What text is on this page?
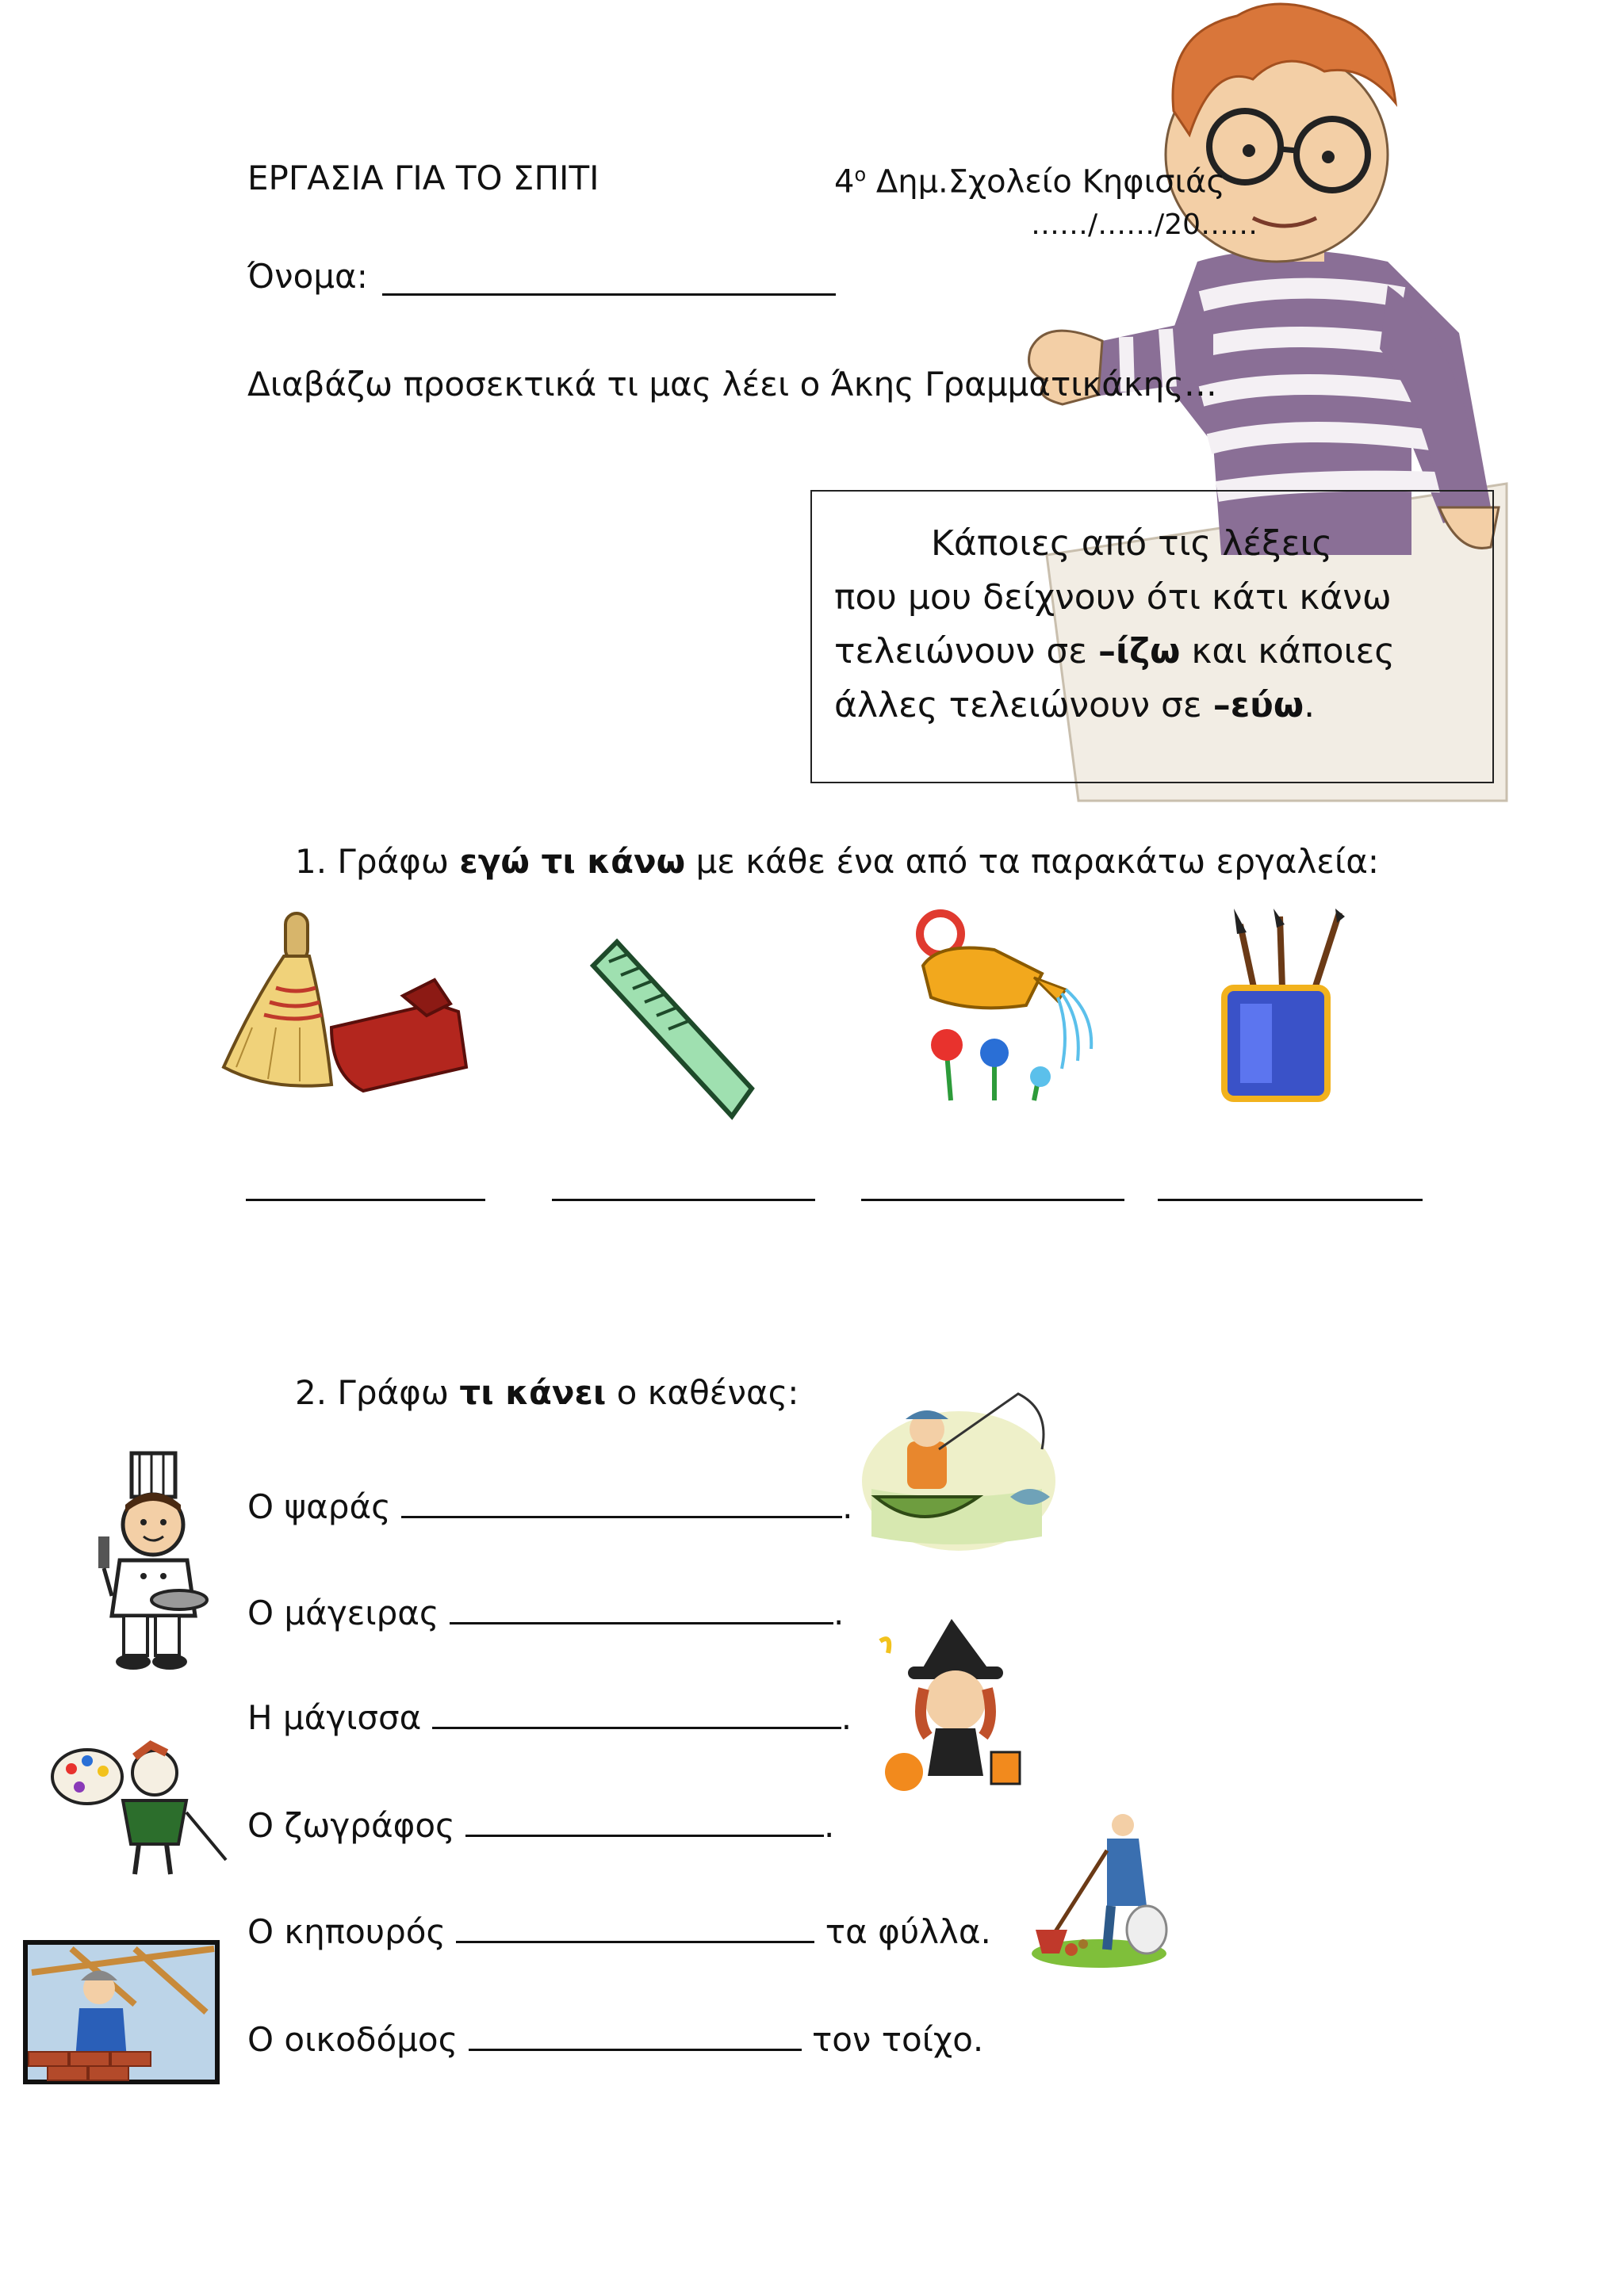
ΕΡΓΑΣΙΑ ΓΙΑ ΤΟ ΣΠΙΤΙ	$4^o$ Δημ.Σχολείο Κηφισιάς
……/……/20……
Όνομα:
Διαβάζω προσεκτικά τι μας λέει ο Άκης Γραμματικάκης…

Κάποιες από τις λέξεις

που μου δείχνουν ότι κάτι κάνω

τελειώνουν σε –ίζω και κάποιες

άλλες τελειώνουν σε –εύω.

1. Γράφω εγώ τι κάνω με κάθε ένα από τα παρακάτω εργαλεία:
2. Γράφω τι κάνει ο καθένας:
Ο ψαράς	.
Ο μάγειρας	.
Η μάγισσα	.
Ο ζωγράφος	.
Ο κηπουρός	τα φύλλα.
Ο οικοδόμος	τον τοίχο.
